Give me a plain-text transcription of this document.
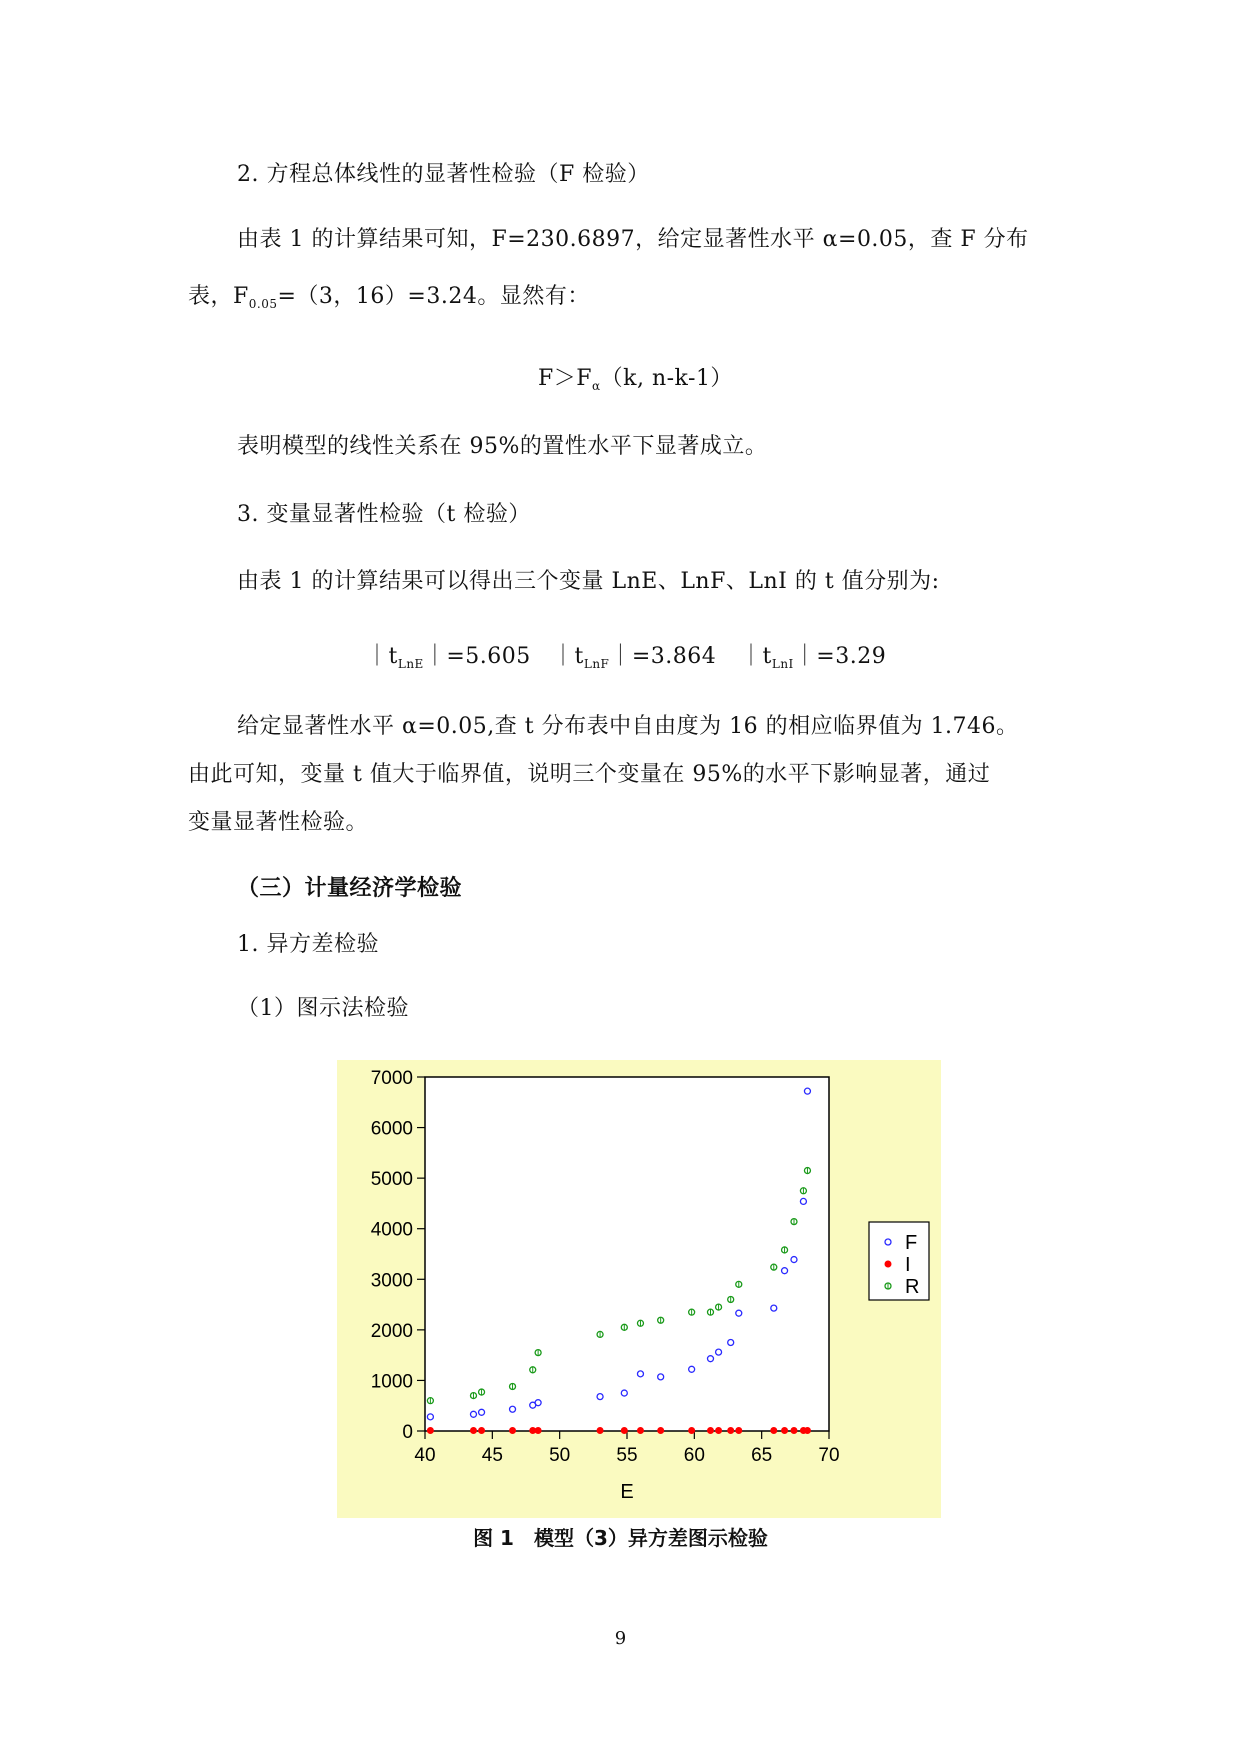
2. 方程总体线性的显著性检验（F 检验）
由表 1 的计算结果可知，F=230.6897，给定显著性水平 α=0.05，查 F 分布
表，$F_{0.05}=(3$，16）=3.24。显然有：
$F>F_\alpha(k$, n-k-1）
表明模型的线性关系在 95%的置性水平下显著成立。
3. 变量显著性检验（t 检验）
由表 1 的计算结果可以得出三个变量 LnE、LnF、LnI 的 t 值分别为:
$|t_{LnE}|=5.605$ $|t_{LnF}|=3.864$ $|t_{LnI}|=3.29$
给定显著性水平 α=0.05,查 t 分布表中自由度为 16 的相应临界值为 1.746。
由此可知，变量 t 值大于临界值，说明三个变量在 95%的水平下影响显著，通过
变量显著性检验。
（三）计量经济学检验
1. 异方差检验
（1）图示法检验
0
1000
2000
3000
4000
5000
6000
7000
40 45 50 55 60 65 70
E
F
I
R
图 1　模型（3）异方差图示检验
9
